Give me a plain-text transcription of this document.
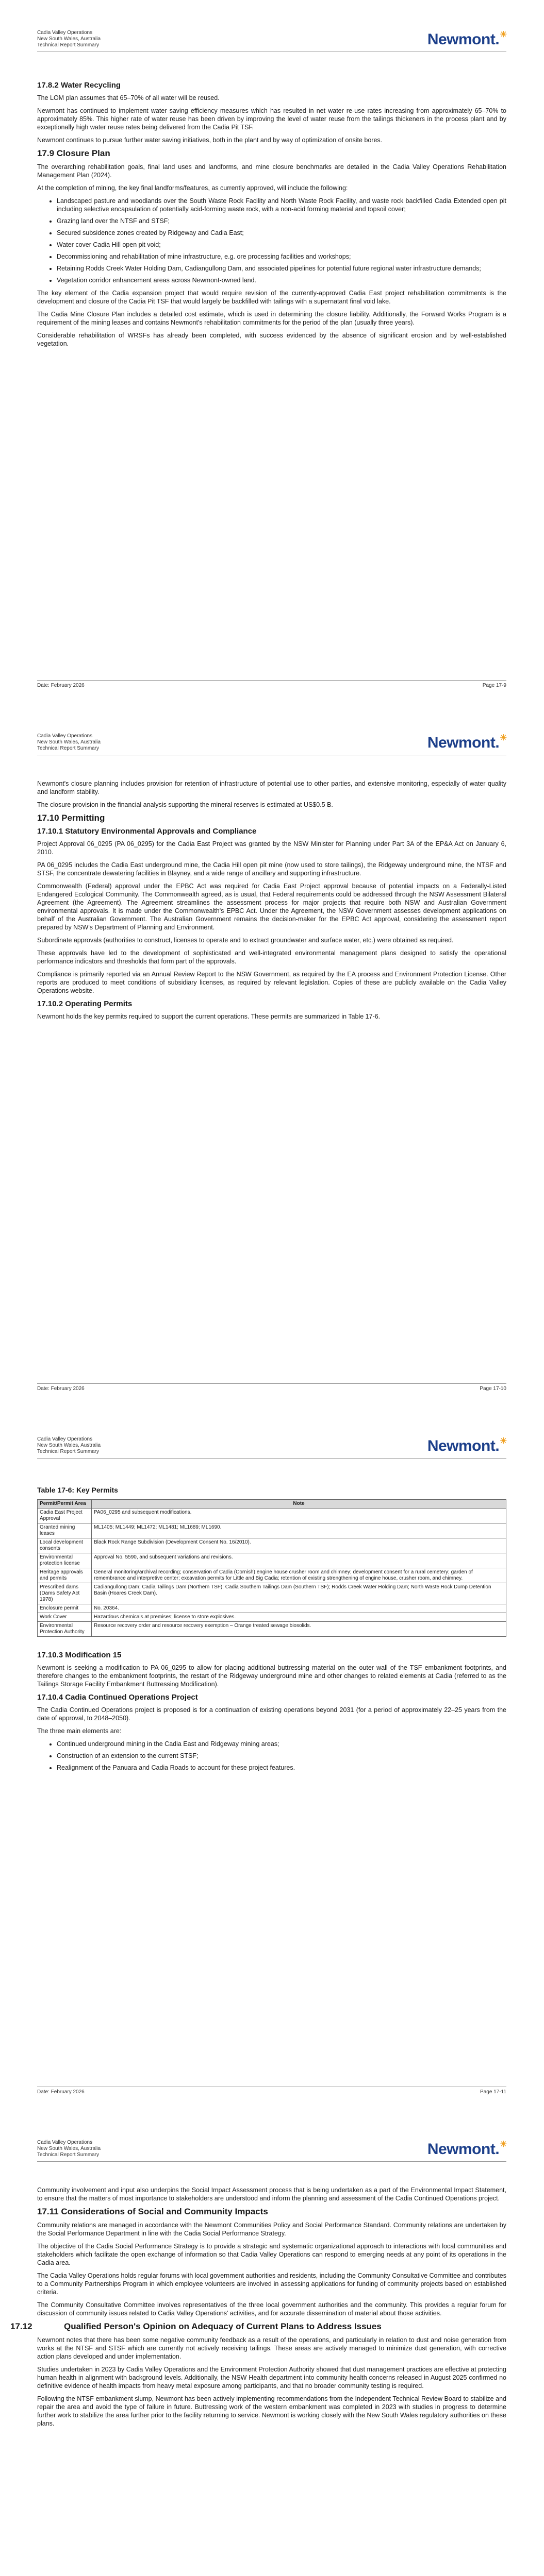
Cadia Valley Operations
New South Wales, Australia
Technical Report Summary	Newmont.☀
17.8.2 Water Recycling

The LOM plan assumes that 65–70% of all water will be reused.

Newmont has continued to implement water saving efficiency measures which has resulted in net water re-use rates increasing from approximately 65–70% to approximately 85%. This higher rate of water reuse has been driven by improving the level of water reuse from the tailings thickeners in the process plant and by exceptionally high water reuse rates being delivered from the Cadia Pit TSF.

Newmont continues to pursue further water saving initiatives, both in the plant and by way of optimization of onsite bores.

17.9 Closure Plan

The overarching rehabilitation goals, final land uses and landforms, and mine closure benchmarks are detailed in the Cadia Valley Operations Rehabilitation Management Plan (2024).

At the completion of mining, the key final landforms/features, as currently approved, will include the following:

• Landscaped pasture and woodlands over the South Waste Rock Facility and North Waste Rock Facility, and waste rock backfilled Cadia Extended open pit including selective encapsulation of potentially acid-forming waste rock, with a non-acid forming material and topsoil cover;
• Grazing land over the NTSF and STSF;
• Secured subsidence zones created by Ridgeway and Cadia East;
• Water cover Cadia Hill open pit void;
• Decommissioning and rehabilitation of mine infrastructure, e.g. ore processing facilities and workshops;
• Retaining Rodds Creek Water Holding Dam, Cadiangullong Dam, and associated pipelines for potential future regional water infrastructure demands;
• Vegetation corridor enhancement areas across Newmont-owned land.

The key element of the Cadia expansion project that would require revision of the currently-approved Cadia East project rehabilitation commitments is the development and closure of the Cadia Pit TSF that would largely be backfilled with tailings with a supernatant final void lake.

The Cadia Mine Closure Plan includes a detailed cost estimate, which is used in determining the closure liability. Additionally, the Forward Works Program is a requirement of the mining leases and contains Newmont's rehabilitation commitments for the period of the plan (usually three years).

Considerable rehabilitation of WRSFs has already been completed, with success evidenced by the absence of significant erosion and by well-established vegetation.

Date: February 2026	Page 17-9
Cadia Valley Operations
New South Wales, Australia
Technical Report Summary	Newmont.☀

Newmont's closure planning includes provision for retention of infrastructure of potential use to other parties, and extensive monitoring, especially of water quality and landform stability.

The closure provision in the financial analysis supporting the mineral reserves is estimated at US$0.5 B.

17.10 Permitting
17.10.1 Statutory Environmental Approvals and Compliance

Project Approval 06_0295 (PA 06_0295) for the Cadia East Project was granted by the NSW Minister for Planning under Part 3A of the EP&A Act on January 6, 2010.

PA 06_0295 includes the Cadia East underground mine, the Cadia Hill open pit mine (now used to store tailings), the Ridgeway underground mine, the NTSF and STSF, the concentrate dewatering facilities in Blayney, and a wide range of ancillary and supporting infrastructure.

Commonwealth (Federal) approval under the EPBC Act was required for Cadia East Project approval because of potential impacts on a Federally-Listed Endangered Ecological Community. The Commonwealth agreed, as is usual, that Federal requirements could be addressed through the NSW Assessment Bilateral Agreement (the Agreement). The Agreement streamlines the assessment process for major projects that require both NSW and Australian Government environmental approvals. It is made under the Commonwealth's EPBC Act. Under the Agreement, the NSW Government assesses development applications on behalf of the Australian Government. The Australian Government remains the decision-maker for the EPBC Act approval, considering the assessment report prepared by NSW's Department of Planning and Environment.

Subordinate approvals (authorities to construct, licenses to operate and to extract groundwater and surface water, etc.) were obtained as required.

These approvals have led to the development of sophisticated and well-integrated environmental management plans designed to satisfy the operational performance indicators and thresholds that form part of the approvals.

Compliance is primarily reported via an Annual Review Report to the NSW Government, as required by the EA process and Environment Protection License. Other reports are produced to meet conditions of subsidiary licenses, as required by relevant legislation. Copies of these are publicly available on the Cadia Valley Operations website.

17.10.2 Operating Permits

Newmont holds the key permits required to support the current operations. These permits are summarized in Table 17-6.

Date: February 2026	Page 17-10
Cadia Valley Operations
New South Wales, Australia
Technical Report Summary	Newmont.☀
Table 17-6: Key Permits
Permit/Permit Area	Note
Cadia East Project Approval	PA06_0295 and subsequent modifications.
Granted mining leases	ML1405; ML1449; ML1472; ML1481; ML1689; ML1690.
Local development consents	Black Rock Range Subdivision (Development Consent No. 16/2010).
Environmental protection license	Approval No. 5590, and subsequent variations and revisions.
Heritage approvals and permits	General monitoring/archival recording; conservation of Cadia (Cornish) engine house crusher room and chimney; development consent for a rural cemetery; garden of remembrance and interpretive center; excavation permits for Little and Big Cadia; retention of existing strengthening of engine house, crusher room, and chimney.
Prescribed dams (Dams Safety Act 1978)	Cadiangullong Dam; Cadia Tailings Dam (Northern TSF); Cadia Southern Tailings Dam (Southern TSF); Rodds Creek Water Holding Dam; North Waste Rock Dump Detention Basin (Hoares Creek Dam).
Enclosure permit	No. 20364.
Work Cover	Hazardous chemicals at premises; license to store explosives.
Environmental Protection Authority	Resource recovery order and resource recovery exemption – Orange treated sewage biosolids.
17.10.3 Modification 15

Newmont is seeking a modification to PA 06_0295 to allow for placing additional buttressing material on the outer wall of the TSF embankment footprints, and therefore changes to the embankment footprints, the restart of the Ridgeway underground mine and other changes to related elements at Cadia (referred to as the Tailings Storage Facility Embankment Buttressing Modification).

17.10.4 Cadia Continued Operations Project

The Cadia Continued Operations project is proposed is for a continuation of existing operations beyond 2031 (for a period of approximately 22–25 years from the date of approval, to 2048–2050).

The three main elements are:

• Continued underground mining in the Cadia East and Ridgeway mining areas;
• Construction of an extension to the current STSF;
• Realignment of the Panuara and Cadia Roads to account for these project features.
Date: February 2026	Page 17-11
Cadia Valley Operations
New South Wales, Australia
Technical Report Summary	Newmont.☀

Community involvement and input also underpins the Social Impact Assessment process that is being undertaken as a part of the Environmental Impact Statement, to ensure that the matters of most importance to stakeholders are understood and inform the planning and assessment of the Cadia Continued Operations project.

17.11 Considerations of Social and Community Impacts

Community relations are managed in accordance with the Newmont Communities Policy and Social Performance Standard. Community relations are undertaken by the Social Performance Department in line with the Cadia Social Performance Strategy.

The objective of the Cadia Social Performance Strategy is to provide a strategic and systematic organizational approach to interactions with local communities and stakeholders which facilitate the open exchange of information so that Cadia Valley Operations can respond to emerging needs at any point of its operations in the Cadia area.

The Cadia Valley Operations holds regular forums with local government authorities and residents, including the Community Consultative Committee and contributes to a Community Partnerships Program in which employee volunteers are involved in assessing applications for funding of community projects based on established criteria.

The Community Consultative Committee involves representatives of the three local government authorities and the community. This provides a regular forum for discussion of community issues related to Cadia Valley Operations' activities, and for accurate dissemination of material about those activities.

17.12	Qualified Person's Opinion on Adequacy of Current Plans to Address Issues

Newmont notes that there has been some negative community feedback as a result of the operations, and particularly in relation to dust and noise generation from works at the NTSF and STSF which are currently not actively receiving tailings. These areas are actively managed to minimize dust generation, with corrective action plans developed and under implementation.

Studies undertaken in 2023 by Cadia Valley Operations and the Environment Protection Authority showed that dust management practices are effective at protecting human health in alignment with background levels. Additionally, the NSW Health department into community health concerns released in August 2025 confirmed no definitive evidence of health impacts from heavy metal exposure among participants, and that no broader community testing is required.

Following the NTSF embankment slump, Newmont has been actively implementing recommendations from the Independent Technical Review Board to stabilize and repair the area and avoid the type of failure in future. Buttressing work of the western embankment was completed in 2023 with studies in progress to determine further work to stabilize the area further prior to the facility returning to service. Newmont is working closely with the New South Wales regulatory authorities on these plans.
